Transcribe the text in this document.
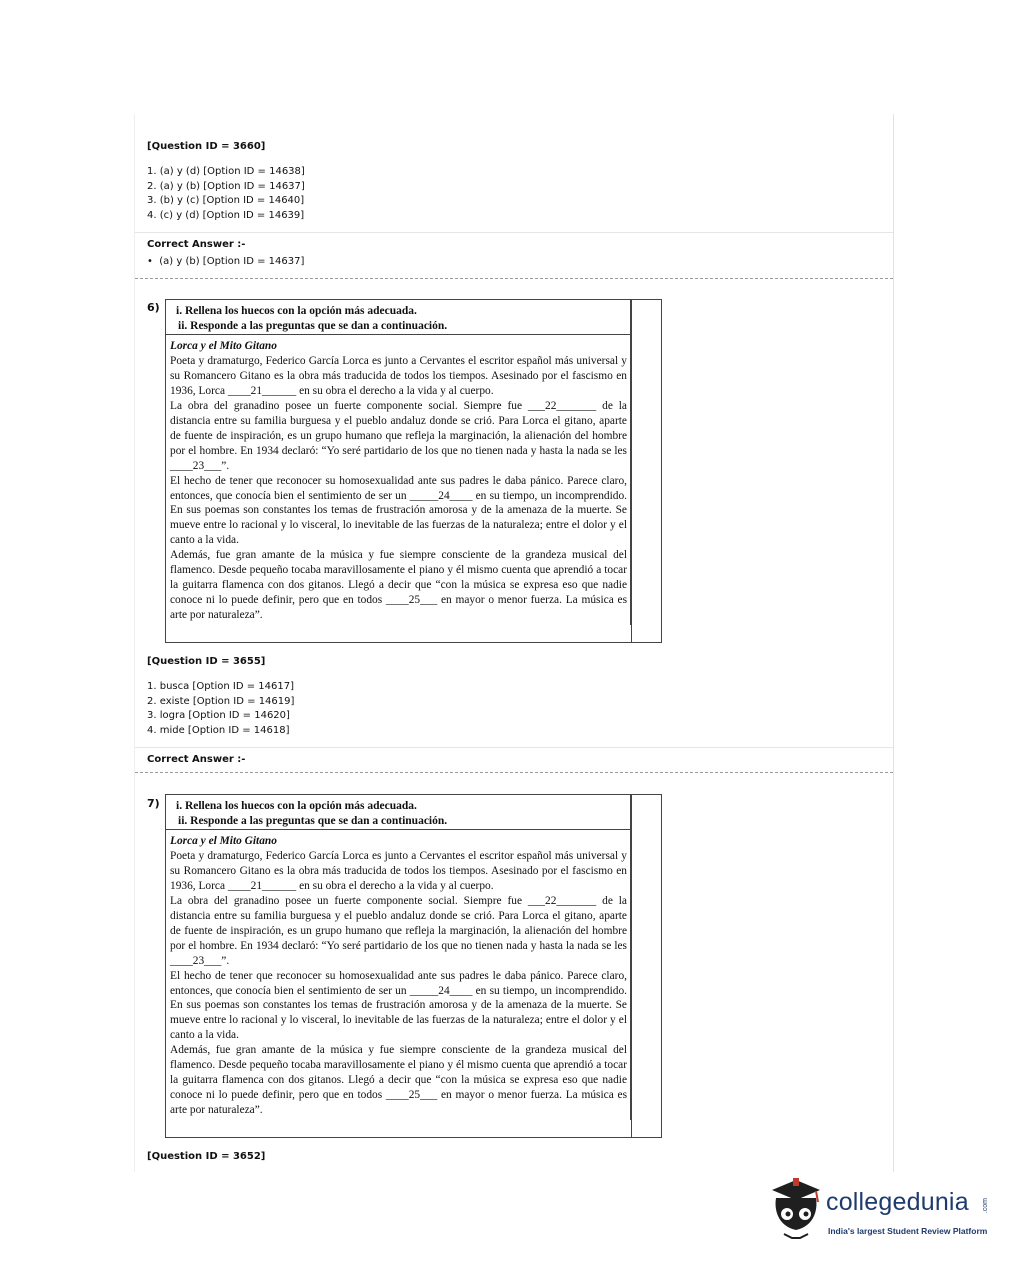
[Question ID = 3660]
1. (a) y (d) [Option ID = 14638]
2. (a) y (b) [Option ID = 14637]
3. (b) y (c) [Option ID = 14640]
4. (c) y (d) [Option ID = 14639]
Correct Answer :-
•  (a) y (b) [Option ID = 14637]
6) i. Rellena los huecos con la opción más adecuada.
ii. Responde a las preguntas que se dan a continuación.

Lorca y el Mito Gitano

Poeta y dramaturgo, Federico García Lorca es junto a Cervantes el escritor español más universal y su Romancero Gitano es la obra más traducida de todos los tiempos. Asesinado por el fascismo en 1936, Lorca ____21______ en su obra el derecho a la vida y al cuerpo.

La obra del granadino posee un fuerte componente social. Siempre fue ___22_______ de la distancia entre su familia burguesa y el pueblo andaluz donde se crió. Para Lorca el gitano, aparte de fuente de inspiración, es un grupo humano que refleja la marginación, la alienación del hombre por el hombre. En 1934 declaró: “Yo seré partidario de los que no tienen nada y hasta la nada se les ____23___”.

El hecho de tener que reconocer su homosexualidad ante sus padres le daba pánico. Parece claro, entonces, que conocía bien el sentimiento de ser un _____24____ en su tiempo, un incomprendido. En sus poemas son constantes los temas de frustración amorosa y de la amenaza de la muerte. Se mueve entre lo racional y lo visceral, lo inevitable de las fuerzas de la naturaleza; entre el dolor y el canto a la vida.

Además, fue gran amante de la música y fue siempre consciente de la grandeza musical del flamenco. Desde pequeño tocaba maravillosamente el piano y él mismo cuenta que aprendió a tocar la guitarra flamenca con dos gitanos. Llegó a decir que “con la música se expresa eso que nadie conoce ni lo puede definir, pero que en todos ____25___ en mayor o menor fuerza. La música es arte por naturaleza”.

[Question ID = 3655]
1. busca [Option ID = 14617]
2. existe [Option ID = 14619]
3. logra [Option ID = 14620]
4. mide [Option ID = 14618]
Correct Answer :-
7) i. Rellena los huecos con la opción más adecuada.
ii. Responde a las preguntas que se dan a continuación.

Lorca y el Mito Gitano

Poeta y dramaturgo, Federico García Lorca es junto a Cervantes el escritor español más universal y su Romancero Gitano es la obra más traducida de todos los tiempos. Asesinado por el fascismo en 1936, Lorca ____21______ en su obra el derecho a la vida y al cuerpo.

La obra del granadino posee un fuerte componente social. Siempre fue ___22_______ de la distancia entre su familia burguesa y el pueblo andaluz donde se crió. Para Lorca el gitano, aparte de fuente de inspiración, es un grupo humano que refleja la marginación, la alienación del hombre por el hombre. En 1934 declaró: “Yo seré partidario de los que no tienen nada y hasta la nada se les ____23___”.

El hecho de tener que reconocer su homosexualidad ante sus padres le daba pánico. Parece claro, entonces, que conocía bien el sentimiento de ser un _____24____ en su tiempo, un incomprendido. En sus poemas son constantes los temas de frustración amorosa y de la amenaza de la muerte. Se mueve entre lo racional y lo visceral, lo inevitable de las fuerzas de la naturaleza; entre el dolor y el canto a la vida.

Además, fue gran amante de la música y fue siempre consciente de la grandeza musical del flamenco. Desde pequeño tocaba maravillosamente el piano y él mismo cuenta que aprendió a tocar la guitarra flamenca con dos gitanos. Llegó a decir que “con la música se expresa eso que nadie conoce ni lo puede definir, pero que en todos ____25___ en mayor o menor fuerza. La música es arte por naturaleza”.

[Question ID = 3652]
collegedunia .com
India's largest Student Review Platform
